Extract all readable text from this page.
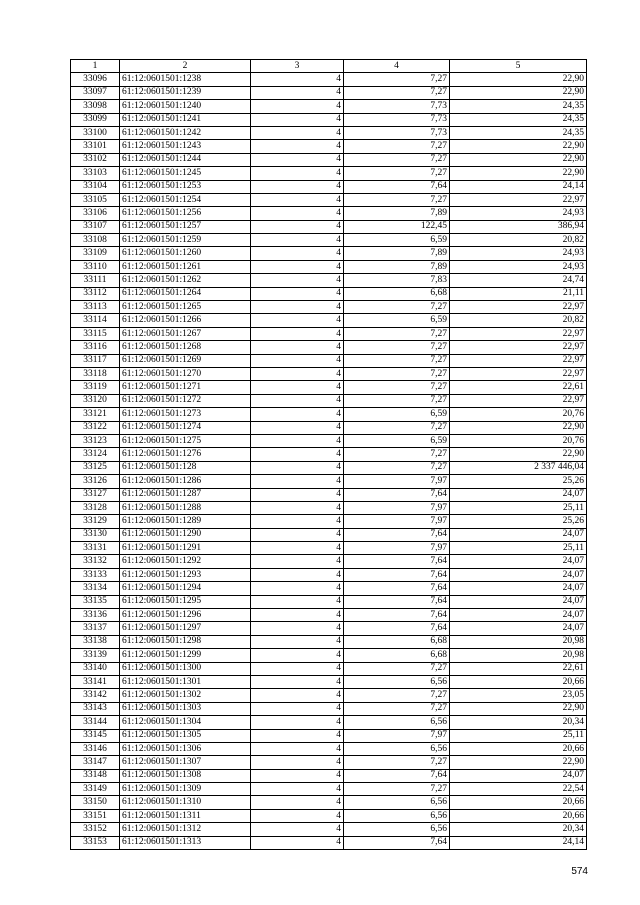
1	2	3	4	5
33096	61:12:0601501:1238	4	7,27	22,90
33097	61:12:0601501:1239	4	7,27	22,90
33098	61:12:0601501:1240	4	7,73	24,35
33099	61:12:0601501:1241	4	7,73	24,35
33100	61:12:0601501:1242	4	7,73	24,35
33101	61:12:0601501:1243	4	7,27	22,90
33102	61:12:0601501:1244	4	7,27	22,90
33103	61:12:0601501:1245	4	7,27	22,90
33104	61:12:0601501:1253	4	7,64	24,14
33105	61:12:0601501:1254	4	7,27	22,97
33106	61:12:0601501:1256	4	7,89	24,93
33107	61:12:0601501:1257	4	122,45	386,94
33108	61:12:0601501:1259	4	6,59	20,82
33109	61:12:0601501:1260	4	7,89	24,93
33110	61:12:0601501:1261	4	7,89	24,93
33111	61:12:0601501:1262	4	7,83	24,74
33112	61:12:0601501:1264	4	6,68	21,11
33113	61:12:0601501:1265	4	7,27	22,97
33114	61:12:0601501:1266	4	6,59	20,82
33115	61:12:0601501:1267	4	7,27	22,97
33116	61:12:0601501:1268	4	7,27	22,97
33117	61:12:0601501:1269	4	7,27	22,97
33118	61:12:0601501:1270	4	7,27	22,97
33119	61:12:0601501:1271	4	7,27	22,61
33120	61:12:0601501:1272	4	7,27	22,97
33121	61:12:0601501:1273	4	6,59	20,76
33122	61:12:0601501:1274	4	7,27	22,90
33123	61:12:0601501:1275	4	6,59	20,76
33124	61:12:0601501:1276	4	7,27	22,90
33125	61:12:0601501:128	4	7,27	2 337 446,04
33126	61:12:0601501:1286	4	7,97	25,26
33127	61:12:0601501:1287	4	7,64	24,07
33128	61:12:0601501:1288	4	7,97	25,11
33129	61:12:0601501:1289	4	7,97	25,26
33130	61:12:0601501:1290	4	7,64	24,07
33131	61:12:0601501:1291	4	7,97	25,11
33132	61:12:0601501:1292	4	7,64	24,07
33133	61:12:0601501:1293	4	7,64	24,07
33134	61:12:0601501:1294	4	7,64	24,07
33135	61:12:0601501:1295	4	7,64	24,07
33136	61:12:0601501:1296	4	7,64	24,07
33137	61:12:0601501:1297	4	7,64	24,07
33138	61:12:0601501:1298	4	6,68	20,98
33139	61:12:0601501:1299	4	6,68	20,98
33140	61:12:0601501:1300	4	7,27	22,61
33141	61:12:0601501:1301	4	6,56	20,66
33142	61:12:0601501:1302	4	7,27	23,05
33143	61:12:0601501:1303	4	7,27	22,90
33144	61:12:0601501:1304	4	6,56	20,34
33145	61:12:0601501:1305	4	7,97	25,11
33146	61:12:0601501:1306	4	6,56	20,66
33147	61:12:0601501:1307	4	7,27	22,90
33148	61:12:0601501:1308	4	7,64	24,07
33149	61:12:0601501:1309	4	7,27	22,54
33150	61:12:0601501:1310	4	6,56	20,66
33151	61:12:0601501:1311	4	6,56	20,66
33152	61:12:0601501:1312	4	6,56	20,34
33153	61:12:0601501:1313	4	7,64	24,14
574
